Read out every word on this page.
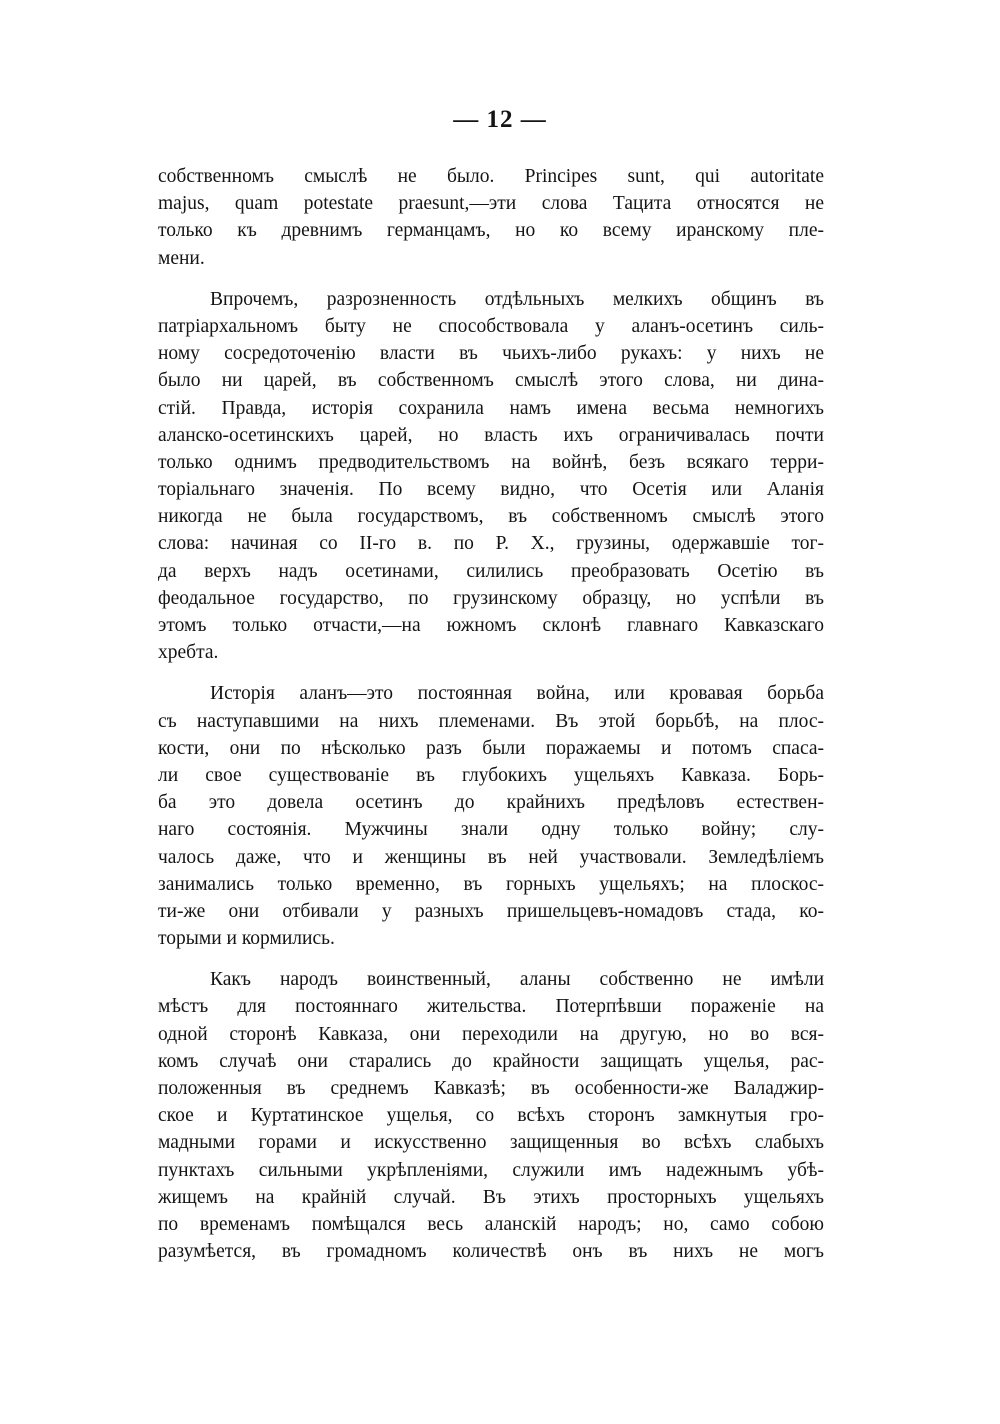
— 12 —

собственномъ смыслѣ не было. Principes sunt, qui autoritate
majus, quam potestate praesunt,—эти слова Тацита относятся не
только къ древнимъ германцамъ, но ко всему иранскому пле-
мени.

Впрочемъ, разрозненность отдѣльныхъ мелкихъ общинъ въ
патріархальномъ быту не способствовала у аланъ-осетинъ силь-
ному сосредоточенію власти въ чьихъ-либо рукахъ: у нихъ не
было ни царей, въ собственномъ смыслѣ этого слова, ни дина-
стій. Правда, исторія сохранила намъ имена весьма немногихъ
аланско-осетинскихъ царей, но власть ихъ ограничивалась почти
только однимъ предводительствомъ на войнѣ, безъ всякаго терри-
торіальнаго значенія. По всему видно, что Осетія или Аланія
никогда не была государствомъ, въ собственномъ смыслѣ этого
слова: начиная со II-го в. по Р. Х., грузины, одержавшіе тог-
да верхъ надъ осетинами, силились преобразовать Осетію въ
феодальное государство, по грузинскому образцу, но успѣли въ
этомъ только отчасти,—на южномъ склонѣ главнаго Кавказскаго
хребта.

Исторія аланъ—это постоянная война, или кровавая борьба
съ наступавшими на нихъ племенами. Въ этой борьбѣ, на плос-
кости, они по нѣсколько разъ были поражаемы и потомъ спаса-
ли свое существованіе въ глубокихъ ущельяхъ Кавказа. Борь-
ба это довела осетинъ до крайнихъ предѣловъ естествен-
наго состоянія. Мужчины знали одну только войну; слу-
чалось даже, что и женщины въ ней участвовали. Земледѣліемъ
занимались только временно, въ горныхъ ущельяхъ; на плоскос-
ти-же они отбивали у разныхъ пришельцевъ-номадовъ стада, ко-
торыми и кормились.

Какъ народъ воинственный, аланы собственно не имѣли
мѣстъ для постояннаго жительства. Потерпѣвши пораженіе на
одной сторонѣ Кавказа, они переходили на другую, но во вся-
комъ случаѣ они старались до крайности защищать ущелья, рас-
положенныя въ среднемъ Кавказѣ; въ особенности-же Валаджир-
ское и Куртатинское ущелья, со всѣхъ сторонъ замкнутыя гро-
мадными горами и искусственно защищенныя во всѣхъ слабыхъ
пунктахъ сильными укрѣпленіями, служили имъ надежнымъ убѣ-
жищемъ на крайній случай. Въ этихъ просторныхъ ущельяхъ
по временамъ помѣщался весь аланскій народъ; но, само собою
разумѣется, въ громадномъ количествѣ онъ въ нихъ не могъ
